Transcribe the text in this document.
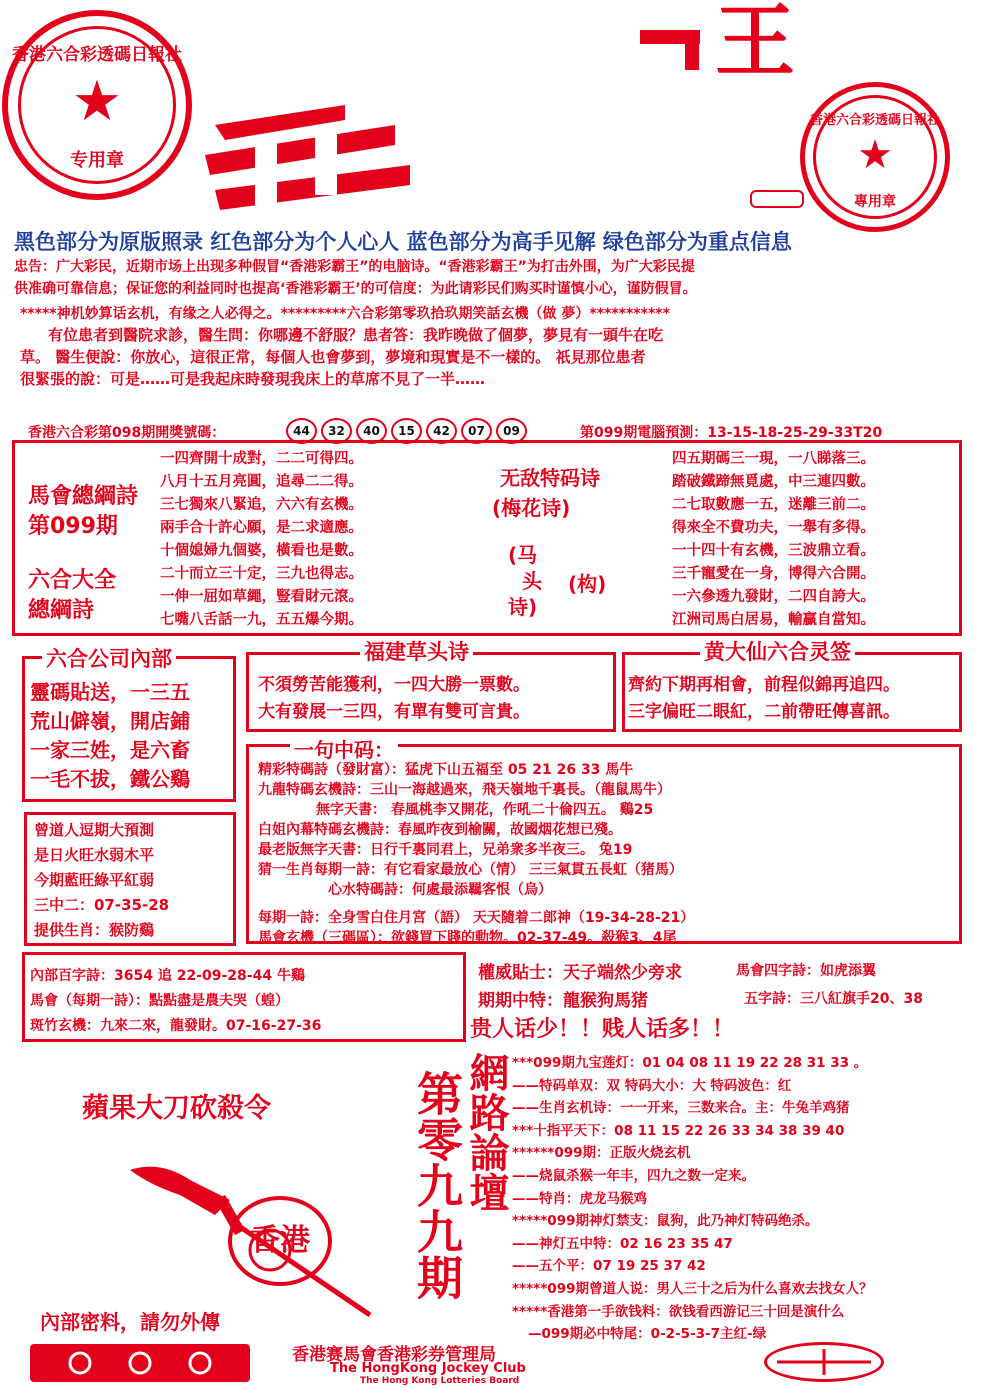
香港六合彩透碼日報社
★
专用章
王
香港六合彩透碼日報社
★
專用章
黑色部分为原版照录 红色部分为个人心人 蓝色部分为高手见解 绿色部分为重点信息
忠告：广大彩民，近期市场上出现多种假冒“香港彩霸王”的电脑诗。“香港彩霸王”为打击外围，为广大彩民提
供准确可靠信息；保证您的利益同时也提高‘香港彩霸王’的可信度：为此请彩民们购买时谨慎小心，谨防假冒。
*****神机妙算话玄机，有缘之人必得之。*********六合彩第零玖拾玖期笑話玄機（做 夢）***********
有位患者到醫院求診，醫生問：你哪邊不舒服？患者答：我昨晚做了個夢，夢見有一頭牛在吃
草。 醫生便說：你放心，這很正常，每個人也會夢到，夢境和現實是不一樣的。 祇見那位患者
很緊張的說：可是……可是我起床時發現我床上的草席不見了一半……
香港六合彩第098期開獎號碼：	44	32	40	15	42	07	09	第099期電腦預測：13-15-18-25-29-33T20
馬會總綱詩
第099期
六合大全
總綱詩
一四齊開十成對，二二可得四。
八月十五月亮圓，追尋二二得。
三七獨來八緊追，六六有玄機。
兩手合十許心願，是二求適應。
十個媳婦九個婆，橫看也是數。
二十而立三十定，三九也得志。
一伸一屈如草繩，豎看財元滾。
七嘴八舌話一九，五五爆今期。
无敌特码诗
(梅花诗)
(马
头
诗)
(构)
四五期碼三一現，一八睇落三。
踏破鐵蹄無覓處，中三連四數。
二七取數應一五，迷離三前二。
得來全不費功夫，一舉有多得。
一十四十有玄機，三波鼎立看。
三千寵愛在一身，博得六合開。
一六參透九發財，二四自誇大。
江洲司馬白居易，輸贏自當知。
六合公司內部
靈碼貼送，一三五
荒山僻嶺，開店鋪
一家三姓，是六畜
一毛不拔，鐵公鷄
福建草头诗
不須勞苦能獲利，一四大勝一票數。
大有發展一三四，有單有雙可言貴。
黄大仙六合灵签
齊約下期再相會，前程似錦再追四。
三字偏旺二眼紅，二前帶旺傳喜訊。
曾道人逗期大預測
是日火旺水弱木平
今期藍旺綠平紅弱
三中二：07-35-28
提供生肖：猴防鷄
一句中码：
精彩特碼詩（發財富）：猛虎下山五福至 05 21 26 33 馬牛
九龍特碼玄機詩：三山一海越過來，飛天嶺地千裏長。（龍鼠馬牛）
無字天書： 春風桃李又開花，作吼二十倫四五。 鷄25
白姐內幕特碼玄機詩：春風昨夜到榆關，故國烟花想已殘。
最老版無字天書：日行千裏同君上，兄弟衆多半夜三。 兔19
猜一生肖每期一詩：有它看家最放心（情） 三三氣貫五長虹（猪馬）
心水特碼詩：何處最添羈客恨（烏）
每期一詩：全身雪白住月宮（語） 天天隨着二郎神（19-34-28-21）
馬會玄機（三碼區）：欲錢買下賤的動物。02-37-49。殺猴3、4尾
內部百字詩：3654 追 22-09-28-44 牛鷄
馬會（每期一詩）：點點盡是農夫哭（蝗）
斑竹玄機：九來二來，龍發財。07-16-27-36
權威貼士：天子端然少旁求	馬會四字詩：如虎添翼
期期中特：龍猴狗馬猪	五字詩：三八紅旗手20、38
贵人话少！！贱人话多！！
蘋果大刀砍殺令
香港
內部密料，請勿外傳
網路論壇
第零九九期
***099期九宝莲灯：01 04 08 11 19 22 28 31 33 。
——特码单双：双 特码大小：大 特码波色：红
——生肖玄机诗：一一开来，三数来合。主：牛兔羊鸡猪
***十指平天下：08 11 15 22 26 33 34 38 39 40
******099期：正版火烧玄机
——烧鼠杀猴一年丰，四九之数一定来。
——特肖：虎龙马猴鸡
*****099期神灯禁支：鼠狗，此乃神灯特码绝杀。
——神灯五中特：02 16 23 35 47
——五个平：07 19 25 37 42
*****099期曾道人说：男人三十之后为什么喜欢去找女人？
*****香港第一手欲钱料：欲钱看西游记三十回是演什么
—099期必中特尾：0-2-5-3-7主红-绿
香港赛馬會香港彩券管理局
The HongKong Jockey Club
The Hong Kong Lotteries Board
